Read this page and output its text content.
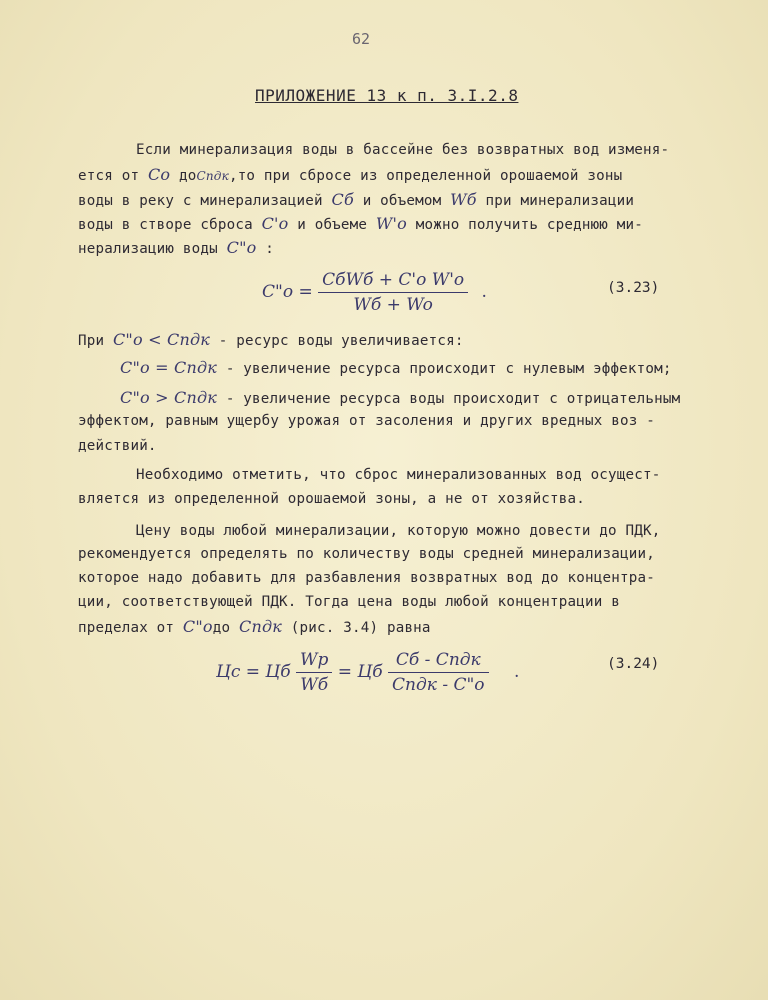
62
ПРИЛОЖЕНИЕ 13 к п. 3.I.2.8
Если минерализация воды в бассейне без возвратных вод изменя-
ется от Co доCпдк,то при сбросе из определенной орошаемой зоны
воды в реку с минерализацией Cб и объемом Wб при минерализации
воды в створе сброса C'o и объеме W'o можно получить среднюю ми-
нерализацию воды C"o :
C"o = $\frac{\text{CбWб + C'o W'o}}{Wб + Wo}$ .	(3.23)
При C"o < Cпдк - ресурс воды увеличивается:
C"o = Cпдк - увеличение ресурса происходит с нулевым эффектом;
C"o > Cпдк - увеличение ресурса воды происходит с отрицательным
эффектом, равным ущербу урожая от засоления и других вредных воз -
действий.
Необходимо отметить, что сброс минерализованных вод осущест-
вляется из определенной орошаемой зоны, а не от хозяйства.
Цену воды любой минерализации, которую можно довести до ПДК,
рекомендуется определять по количеству воды средней минерализации,
которое надо добавить для разбавления возвратных вод до концентра-
ции, соответствующей ПДК. Тогда цена воды любой концентрации в
пределах от C"oдо Cпдк (рис. 3.4) равна
Цс = Цб $\frac{Wр}{Wб}$ = Цб $\frac{\text{Cб - Cпдк}}{\text{Cпдк - C"o}}$ .	(3.24)
